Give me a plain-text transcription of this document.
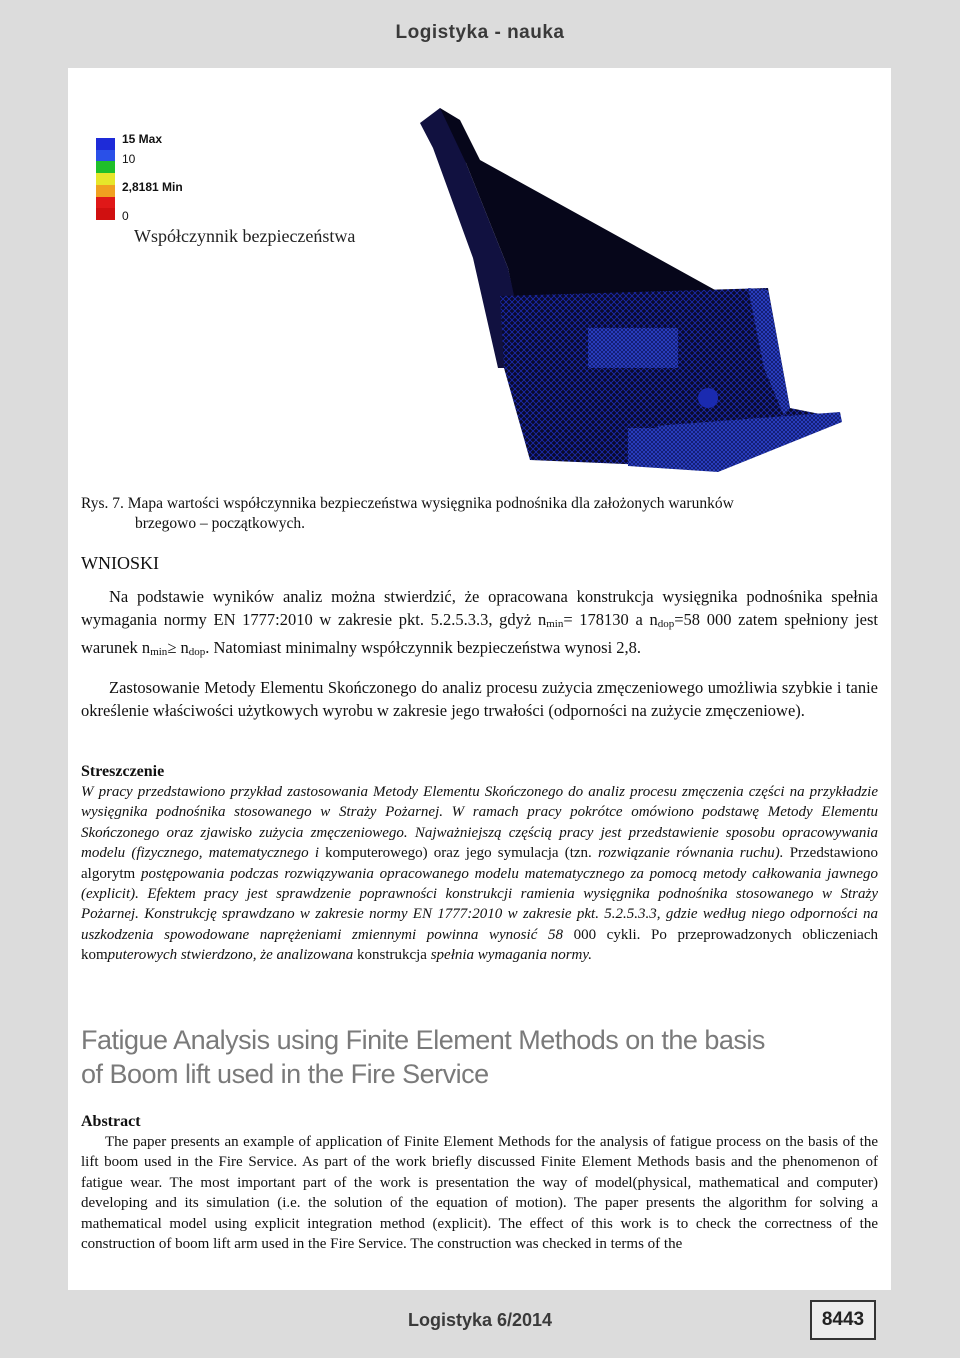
Logistyka - nauka
15 Max
10
2,8181 Min
0
Współczynnik bezpieczeństwa
Rys. 7. Mapa wartości współczynnika bezpieczeństwa wysięgnika podnośnika dla założonych warunków
brzegowo – początkowych.
WNIOSKI
Na podstawie wyników analiz można stwierdzić, że opracowana konstrukcja wysięgnika podnośnika spełnia wymagania normy EN 1777:2010 w zakresie pkt. 5.2.5.3.3, gdyż $n_{min}= 178130$ a $n_{dop}=58$ 000 zatem spełniony jest warunek $n_{min}\ge n_{dop}$. Natomiast minimalny współczynnik bezpieczeństwa wynosi 2,8.
Zastosowanie Metody Elementu Skończonego do analiz procesu zużycia zmęczeniowego umożliwia szybkie i tanie określenie właściwości użytkowych wyrobu w zakresie jego trwałości (odporności na zużycie zmęczeniowe).
Streszczenie
W pracy przedstawiono przykład zastosowania Metody Elementu Skończonego do analiz procesu zmęczenia części na przykładzie wysięgnika podnośnika stosowanego w Straży Pożarnej. W ramach pracy pokrótce omówiono podstawę Metody Elementu Skończonego oraz zjawisko zużycia zmęczeniowego. Najważniejszą częścią pracy jest przedstawienie sposobu opracowywania modelu (fizycznego, matematycznego i komputerowego) oraz jego symulacja (tzn. rozwiązanie równania ruchu). Przedstawiono algorytm postępowania podczas rozwiązywania opracowanego modelu matematycznego za pomocą metody całkowania jawnego (explicit). Efektem pracy jest sprawdzenie poprawności konstrukcji ramienia wysięgnika podnośnika stosowanego w Straży Pożarnej. Konstrukcję sprawdzano w zakresie normy EN 1777:2010 w zakresie pkt. 5.2.5.3.3, gdzie według niego odporności na uszkodzenia spowodowane naprężeniami zmiennymi powinna wynosić 58 000 cykli. Po przeprowadzonych obliczeniach komputerowych stwierdzono, że analizowana konstrukcja spełnia wymagania normy.
Fatigue Analysis using Finite Element Methods on the basis
of Boom lift used in the Fire Service
Abstract
The paper presents an example of application of Finite Element Methods for the analysis of fatigue process on the basis of the lift boom used in the Fire Service. As part of the work briefly discussed Finite Element Methods basis and the phenomenon of fatigue wear. The most important part of the work is presentation the way of model(physical, mathematical and computer) developing and its simulation (i.e. the solution of the equation of motion). The paper presents the algorithm for solving a mathematical model using explicit integration method (explicit). The effect of this work is to check the correctness of the construction of boom lift arm used in the Fire Service. The construction was checked in terms of the
Logistyka 6/2014	8443
